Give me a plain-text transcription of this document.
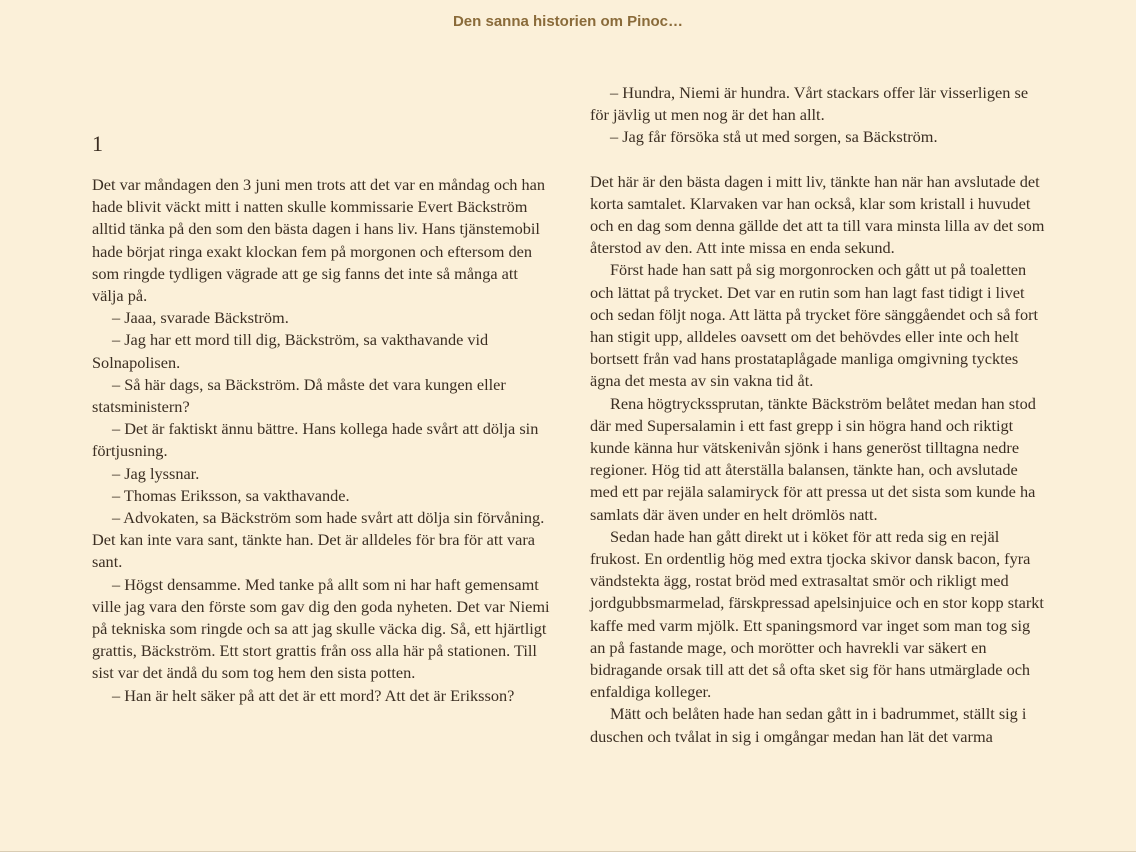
Den sanna historien om Pinoc…
1

Det var måndagen den 3 juni men trots att det var en måndag och han hade blivit väckt mitt i natten skulle kommissarie Evert Bäckström alltid tänka på den som den bästa dagen i hans liv. Hans tjänstemobil hade börjat ringa exakt klockan fem på morgonen och eftersom den som ringde tydligen vägrade att ge sig fanns det inte så många att välja på.

– Jaaa, svarade Bäckström.

– Jag har ett mord till dig, Bäckström, sa vakthavande vid Solnapolisen.

– Så här dags, sa Bäckström. Då måste det vara kungen eller statsministern?

– Det är faktiskt ännu bättre. Hans kollega hade svårt att dölja sin förtjusning.

– Jag lyssnar.

– Thomas Eriksson, sa vakthavande.

– Advokaten, sa Bäckström som hade svårt att dölja sin förvåning. Det kan inte vara sant, tänkte han. Det är alldeles för bra för att vara sant.

– Högst densamme. Med tanke på allt som ni har haft gemensamt ville jag vara den förste som gav dig den goda nyheten. Det var Niemi på tekniska som ringde och sa att jag skulle väcka dig. Så, ett hjärtligt grattis, Bäckström. Ett stort grattis från oss alla här på stationen. Till sist var det ändå du som tog hem den sista potten.

– Han är helt säker på att det är ett mord? Att det är Eriksson?

– Hundra, Niemi är hundra. Vårt stackars offer lär visserligen se för jävlig ut men nog är det han allt.

– Jag får försöka stå ut med sorgen, sa Bäckström.

Det här är den bästa dagen i mitt liv, tänkte han när han avslutade det korta samtalet. Klarvaken var han också, klar som kristall i huvudet och en dag som denna gällde det att ta till vara minsta lilla av det som återstod av den. Att inte missa en enda sekund.

Först hade han satt på sig morgonrocken och gått ut på toaletten och lättat på trycket. Det var en rutin som han lagt fast tidigt i livet och sedan följt noga. Att lätta på trycket före sänggåendet och så fort han stigit upp, alldeles oavsett om det behövdes eller inte och helt bortsett från vad hans prostataplågade manliga omgivning tycktes ägna det mesta av sin vakna tid åt.

Rena högtryckssprutan, tänkte Bäckström belåtet medan han stod där med Supersalamin i ett fast grepp i sin högra hand och riktigt kunde känna hur vätskenivån sjönk i hans generöst tilltagna nedre regioner. Hög tid att återställa balansen, tänkte han, och avslutade med ett par rejäla salamiryck för att pressa ut det sista som kunde ha samlats där även under en helt drömlös natt.

Sedan hade han gått direkt ut i köket för att reda sig en rejäl frukost. En ordentlig hög med extra tjocka skivor dansk bacon, fyra vändstekta ägg, rostat bröd med extrasaltat smör och rikligt med jordgubbsmarmelad, färskpressad apelsinjuice och en stor kopp starkt kaffe med varm mjölk. Ett spaningsmord var inget som man tog sig an på fastande mage, och morötter och havrekli var säkert en bidragande orsak till att det så ofta sket sig för hans utmärglade och enfaldiga kolleger.

Mätt och belåten hade han sedan gått in i badrummet, ställt sig i duschen och tvålat in sig i omgångar medan han lät det varma
